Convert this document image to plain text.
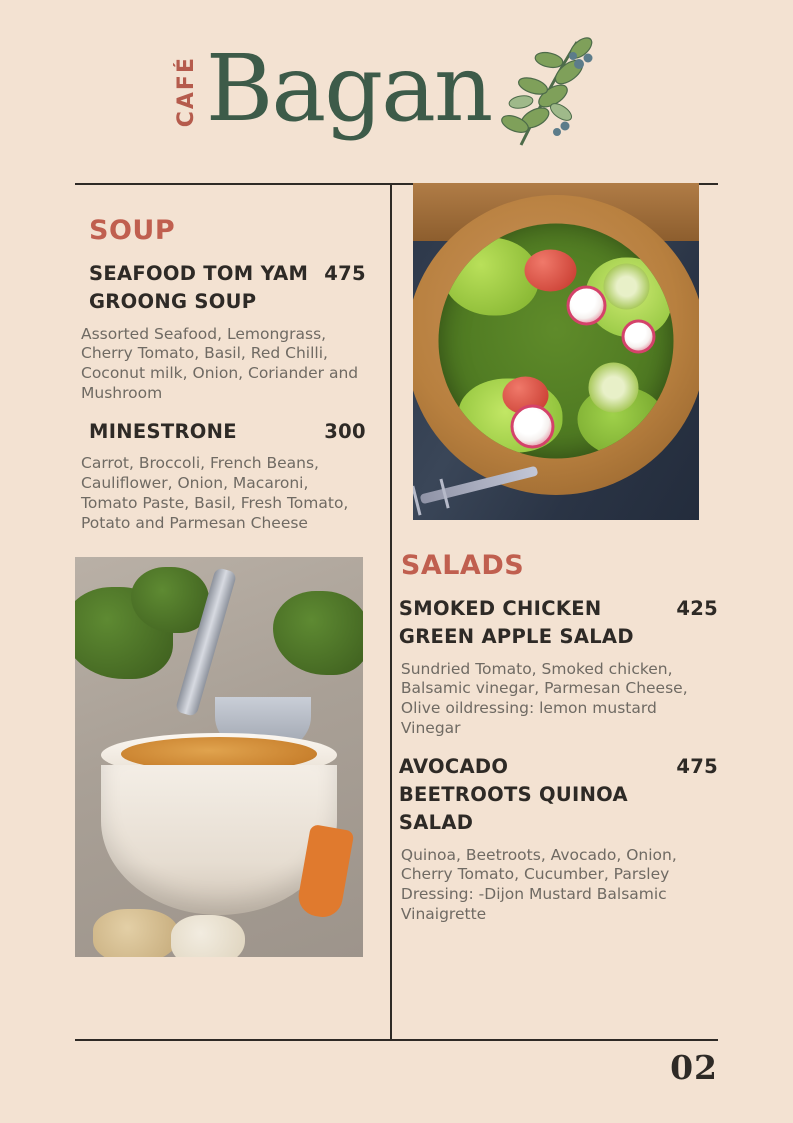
CAFÉ Bagan
SOUP
SEAFOOD TOM YAM 475
GROONG SOUP
Assorted Seafood, Lemongrass, Cherry Tomato, Basil, Red Chilli, Coconut milk, Onion, Coriander and Mushroom
MINESTRONE	300
Carrot, Broccoli, French Beans, Cauliflower, Onion, Macaroni, Tomato Paste, Basil, Fresh Tomato, Potato and Parmesan Cheese
SALADS
SMOKED CHICKEN	425
GREEN APPLE SALAD
Sundried Tomato, Smoked chicken, Balsamic vinegar, Parmesan Cheese, Olive oildressing: lemon mustard Vinegar
AVOCADO	475
BEETROOTS QUINOA
SALAD
Quinoa, Beetroots, Avocado, Onion, Cherry Tomato, Cucumber, Parsley Dressing: -Dijon Mustard Balsamic Vinaigrette
02
